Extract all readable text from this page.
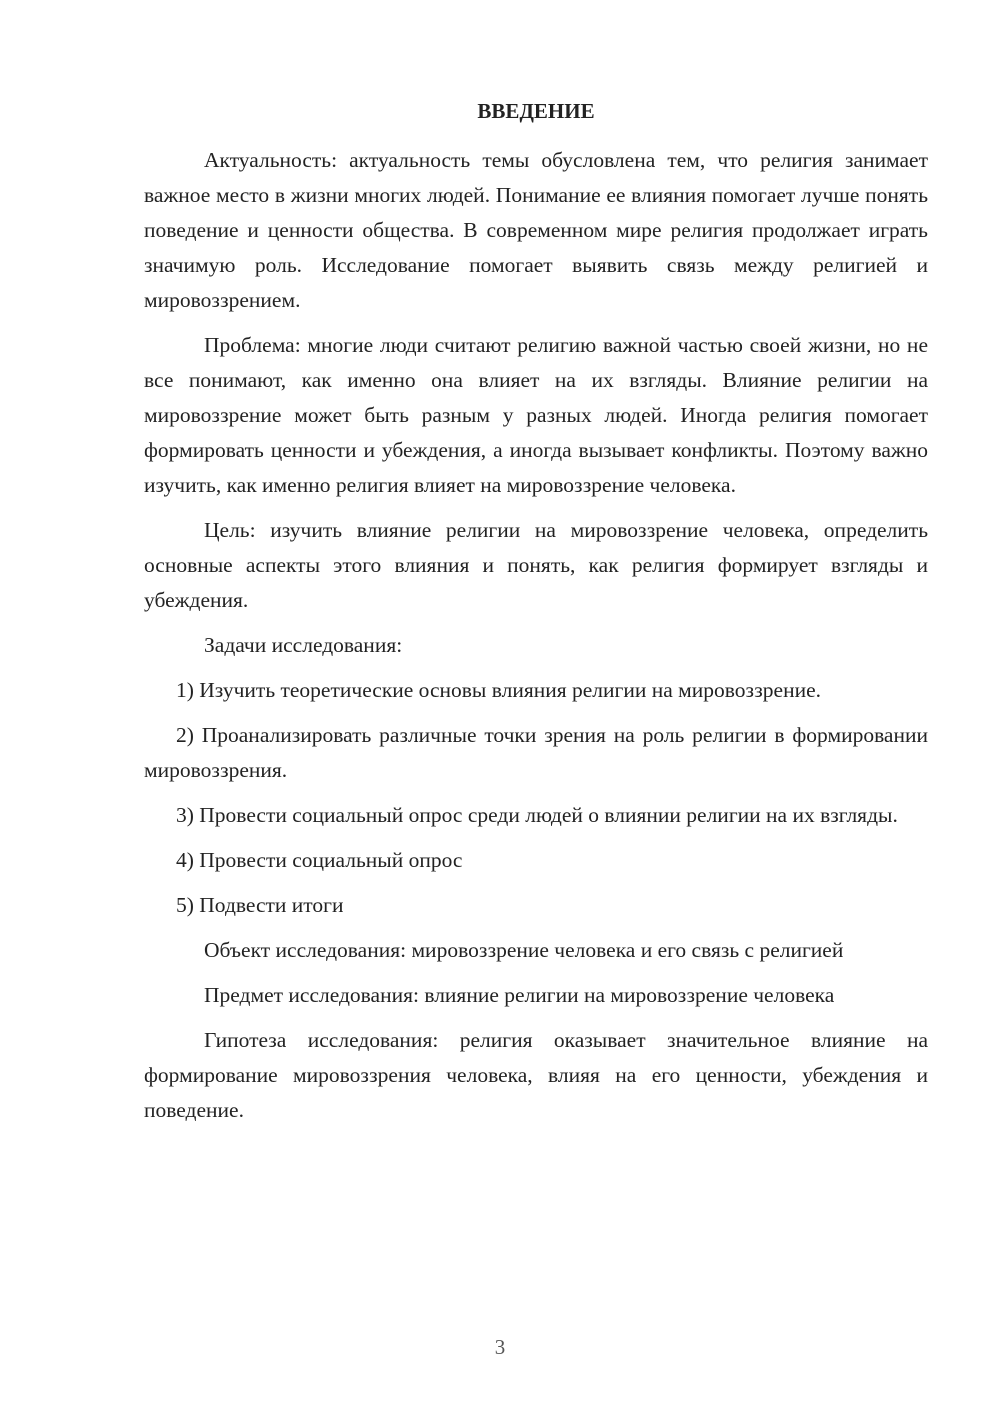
ВВЕДЕНИЕ

Актуальность: актуальность темы обусловлена тем, что религия занимает важное место в жизни многих людей. Понимание ее влияния помогает лучше понять поведение и ценности общества. В современном мире религия продолжает играть значимую роль. Исследование помогает выявить связь между религией и мировоззрением.

Проблема: многие люди считают религию важной частью своей жизни, но не все понимают, как именно она влияет на их взгляды. Влияние религии на мировоззрение может быть разным у разных людей. Иногда религия помогает формировать ценности и убеждения, а иногда вызывает конфликты. Поэтому важно изучить, как именно религия влияет на мировоззрение человека.

Цель: изучить влияние религии на мировоззрение человека, определить основные аспекты этого влияния и понять, как религия формирует взгляды и убеждения.

Задачи исследования:

1) Изучить теоретические основы влияния религии на мировоззрение.

2) Проанализировать различные точки зрения на роль религии в формировании мировоззрения.

3) Провести социальный опрос среди людей о влиянии религии на их взгляды.

4) Провести социальный опрос

5) Подвести итоги

Объект исследования: мировоззрение человека и его связь с религией

Предмет исследования: влияние религии на мировоззрение человека

Гипотеза исследования: религия оказывает значительное влияние на формирование мировоззрения человека, влияя на его ценности, убеждения и поведение.

3
